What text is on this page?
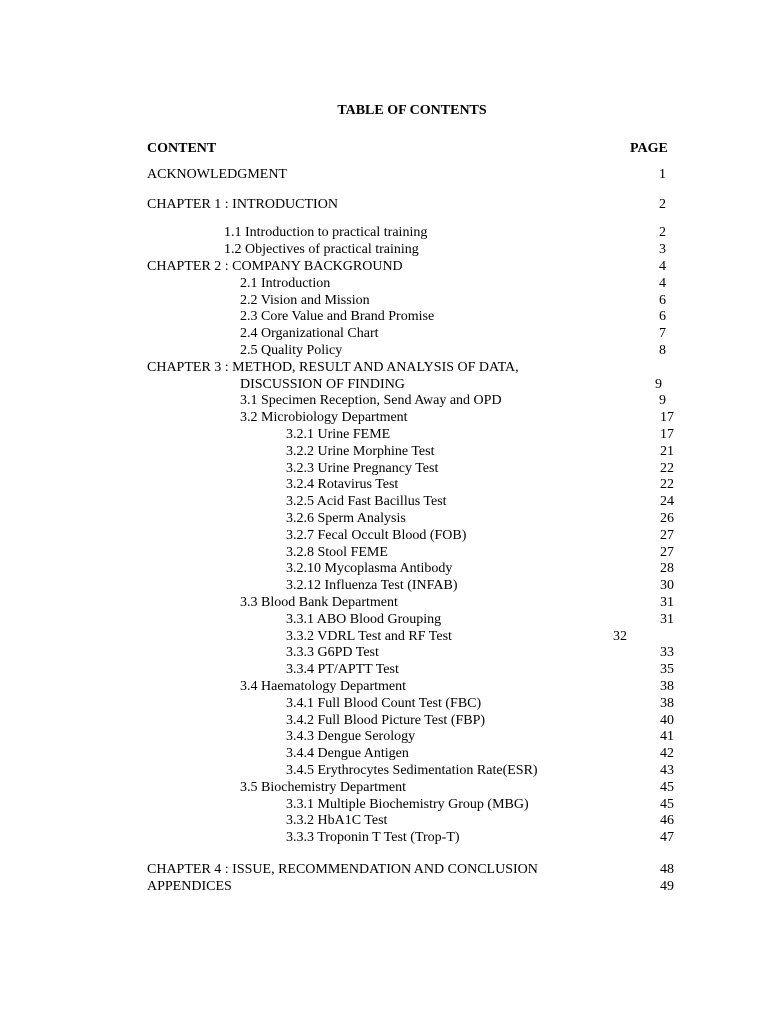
TABLE OF CONTENTS
CONTENT	PAGE
ACKNOWLEDGMENT	1
CHAPTER 1 : INTRODUCTION	2
1.1 Introduction to practical training	2
1.2 Objectives of practical training	3
CHAPTER 2 : COMPANY BACKGROUND	4
2.1 Introduction	4
2.2 Vision and Mission	6
2.3 Core Value and Brand Promise	6
2.4 Organizational Chart	7
2.5 Quality Policy	8
CHAPTER 3 : METHOD, RESULT AND ANALYSIS OF DATA,
DISCUSSION OF FINDING	9
3.1 Specimen Reception, Send Away and OPD	9
3.2 Microbiology Department	17
3.2.1 Urine FEME	17
3.2.2 Urine Morphine Test	21
3.2.3 Urine Pregnancy Test	22
3.2.4 Rotavirus Test	22
3.2.5 Acid Fast Bacillus Test	24
3.2.6 Sperm Analysis	26
3.2.7 Fecal Occult Blood (FOB)	27
3.2.8 Stool FEME	27
3.2.10 Mycoplasma Antibody	28
3.2.12 Influenza Test (INFAB)	30
3.3 Blood Bank Department	31
3.3.1 ABO Blood Grouping	31
3.3.2 VDRL Test and RF Test	32
3.3.3 G6PD Test	33
3.3.4 PT/APTT Test	35
3.4 Haematology Department	38
3.4.1 Full Blood Count Test (FBC)	38
3.4.2 Full Blood Picture Test (FBP)	40
3.4.3 Dengue Serology	41
3.4.4 Dengue Antigen	42
3.4.5 Erythrocytes Sedimentation Rate(ESR)	43
3.5 Biochemistry Department	45
3.3.1 Multiple Biochemistry Group (MBG)	45
3.3.2 HbA1C Test	46
3.3.3 Troponin T Test (Trop-T)	47
CHAPTER 4 : ISSUE, RECOMMENDATION AND CONCLUSION	48
APPENDICES	49
